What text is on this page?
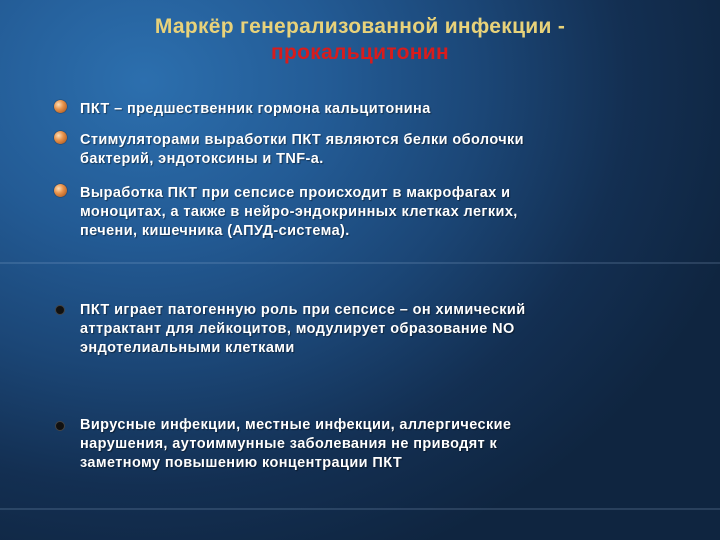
Маркёр генерализованной инфекции -
прокальцитонин
ПКТ – предшественник гормона кальцитонина
Стимуляторами выработки ПКТ являются белки оболочки бактерий, эндотоксины и TNF-a.
Выработка ПКТ при сепсисе происходит в макрофагах и моноцитах, а также в нейро-эндокринных клетках легких, печени, кишечника (АПУД-система).
ПКТ играет патогенную роль при сепсисе – он химический аттрактант для лейкоцитов, модулирует образование NO эндотелиальными клетками
Вирусные инфекции, местные инфекции, аллергические нарушения, аутоиммунные заболевания не приводят к заметному повышению концентрации ПКТ
